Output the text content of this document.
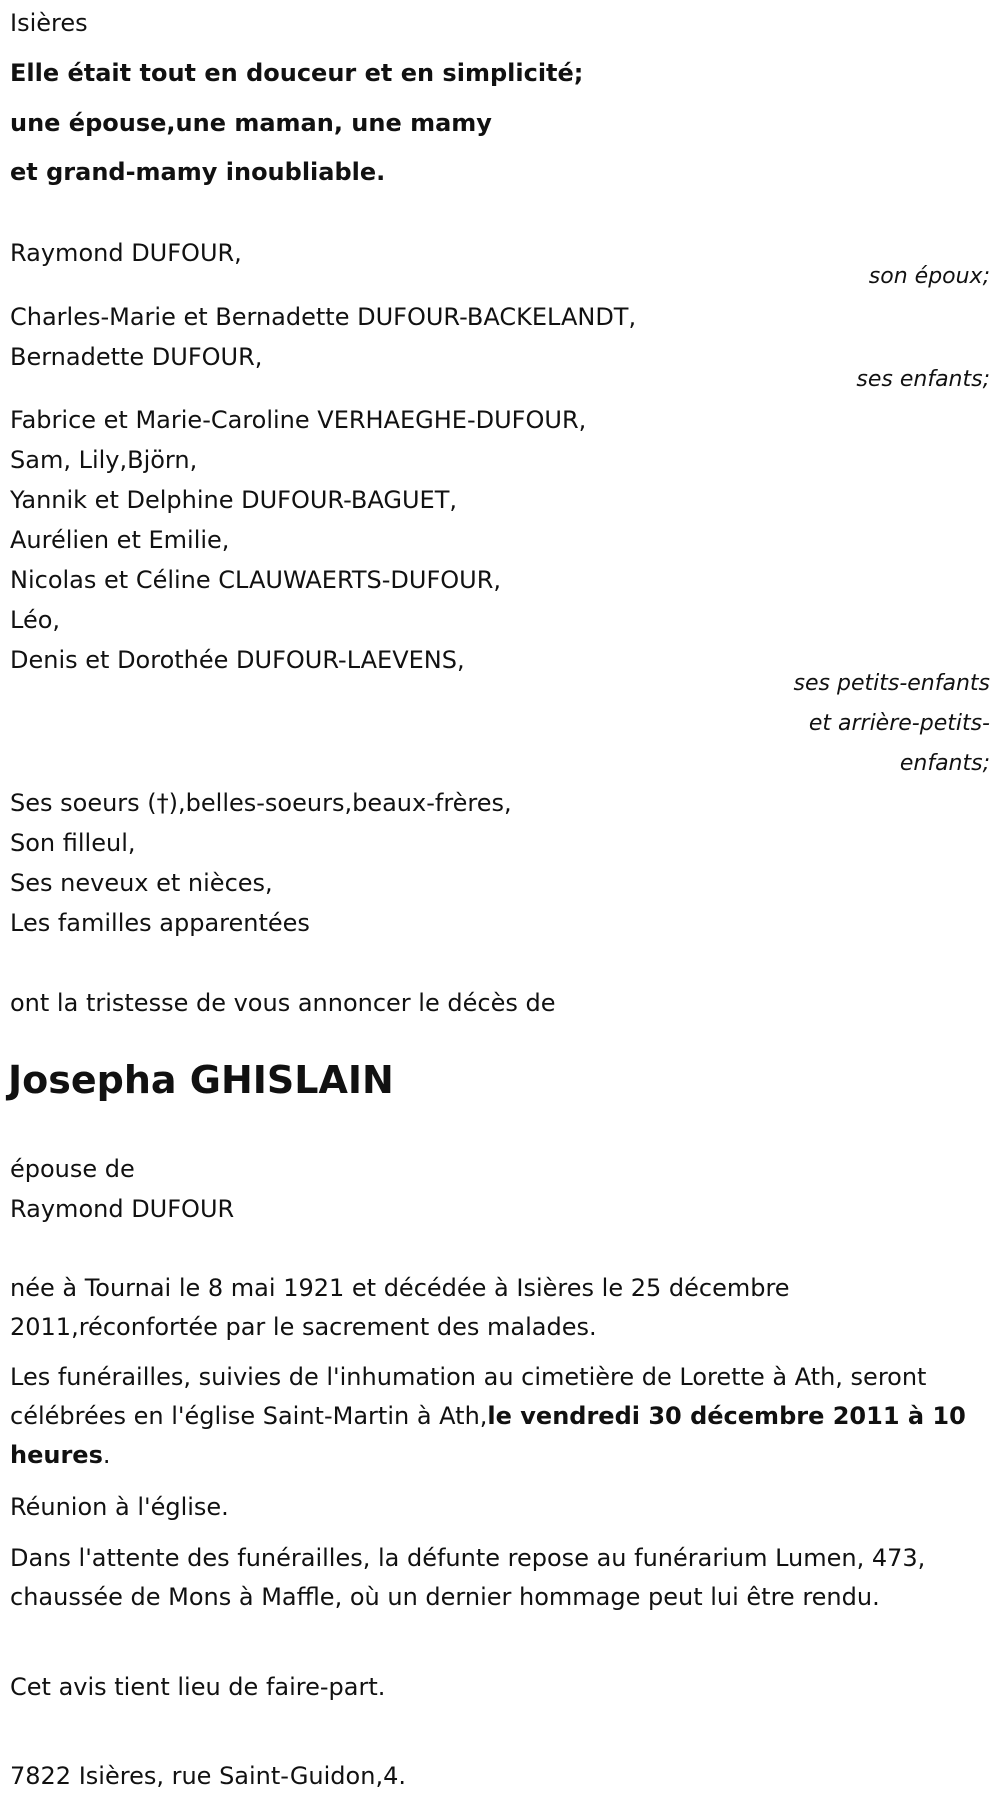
Isières
Elle était tout en douceur et en simplicité;
une épouse,une maman, une mamy
et grand-mamy inoubliable.
Raymond DUFOUR,
son époux;
Charles-Marie et Bernadette DUFOUR-BACKELANDT,
Bernadette DUFOUR,
ses enfants;
Fabrice et Marie-Caroline VERHAEGHE-DUFOUR,
Sam, Lily,Björn,
Yannik et Delphine DUFOUR-BAGUET,
Aurélien et Emilie,
Nicolas et Céline CLAUWAERTS-DUFOUR,
Léo,
Denis et Dorothée DUFOUR-LAEVENS,
ses petits-enfants
et arrière-petits-
enfants;
Ses soeurs (†),belles-soeurs,beaux-frères,
Son filleul,
Ses neveux et nièces,
Les familles apparentées
ont la tristesse de vous annoncer le décès de
Josepha GHISLAIN
épouse de
Raymond DUFOUR
née à Tournai le 8 mai 1921 et décédée à Isières le 25 décembre 2011,réconfortée par le sacrement des malades.
Les funérailles, suivies de l'inhumation au cimetière de Lorette à Ath, seront célébrées en l'église Saint-Martin à Ath,le vendredi 30 décembre 2011 à 10 heures.
Réunion à l'église.
Dans l'attente des funérailles, la défunte repose au funérarium Lumen, 473, chaussée de Mons à Maffle, où un dernier hommage peut lui être rendu.
Cet avis tient lieu de faire-part.
7822 Isières, rue Saint-Guidon,4.
